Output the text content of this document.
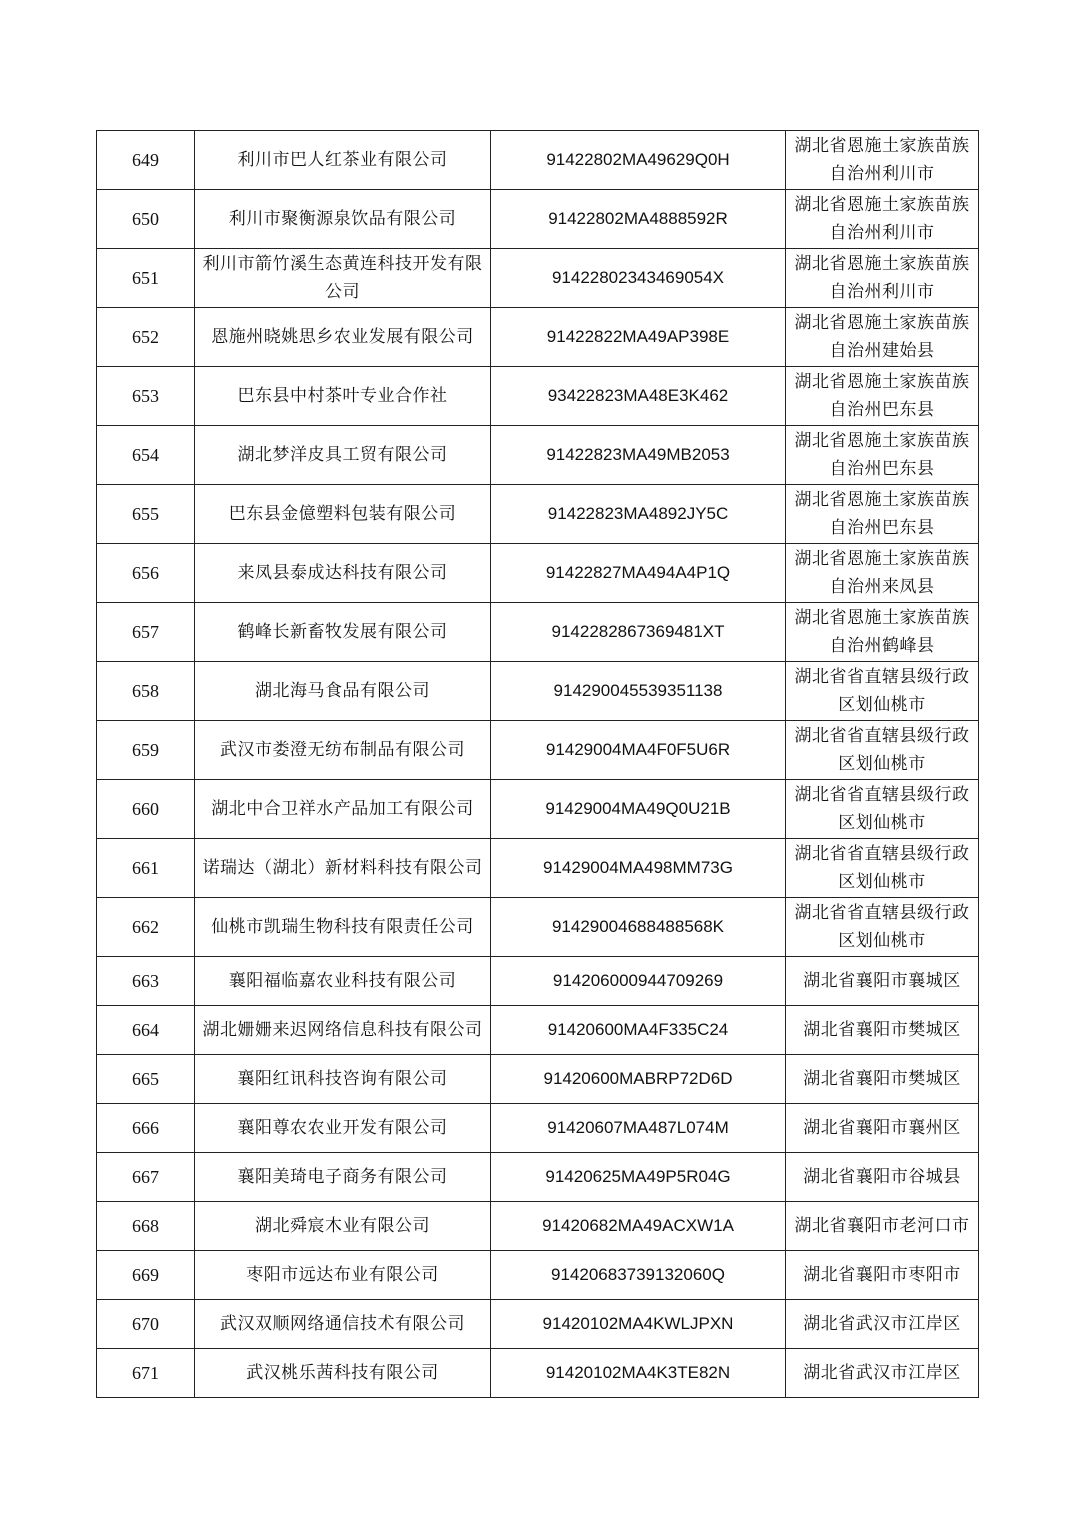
649	利川市巴人红茶业有限公司	91422802MA49629Q0H	湖北省恩施土家族苗族自治州利川市
650	利川市聚衡源泉饮品有限公司	91422802MA4888592R	湖北省恩施土家族苗族自治州利川市
651	利川市箭竹溪生态黄连科技开发有限公司	91422802343469054X	湖北省恩施土家族苗族自治州利川市
652	恩施州晓姚思乡农业发展有限公司	91422822MA49AP398E	湖北省恩施土家族苗族自治州建始县
653	巴东县中村茶叶专业合作社	93422823MA48E3K462	湖北省恩施土家族苗族自治州巴东县
654	湖北梦洋皮具工贸有限公司	91422823MA49MB2053	湖北省恩施土家族苗族自治州巴东县
655	巴东县金億塑料包装有限公司	91422823MA4892JY5C	湖北省恩施土家族苗族自治州巴东县
656	来凤县泰成达科技有限公司	91422827MA494A4P1Q	湖北省恩施土家族苗族自治州来凤县
657	鹤峰长新畜牧发展有限公司	9142282867369481XT	湖北省恩施土家族苗族自治州鹤峰县
658	湖北海马食品有限公司	914290045539351138	湖北省省直辖县级行政区划仙桃市
659	武汉市娄澄无纺布制品有限公司	91429004MA4F0F5U6R	湖北省省直辖县级行政区划仙桃市
660	湖北中合卫祥水产品加工有限公司	91429004MA49Q0U21B	湖北省省直辖县级行政区划仙桃市
661	诺瑞达（湖北）新材料科技有限公司	91429004MA498MM73G	湖北省省直辖县级行政区划仙桃市
662	仙桃市凯瑞生物科技有限责任公司	91429004688488568K	湖北省省直辖县级行政区划仙桃市
663	襄阳福临嘉农业科技有限公司	914206000944709269	湖北省襄阳市襄城区
664	湖北姗姗来迟网络信息科技有限公司	91420600MA4F335C24	湖北省襄阳市樊城区
665	襄阳红讯科技咨询有限公司	91420600MABRP72D6D	湖北省襄阳市樊城区
666	襄阳尊农农业开发有限公司	91420607MA487L074M	湖北省襄阳市襄州区
667	襄阳美琦电子商务有限公司	91420625MA49P5R04G	湖北省襄阳市谷城县
668	湖北舜宸木业有限公司	91420682MA49ACXW1A	湖北省襄阳市老河口市
669	枣阳市远达布业有限公司	91420683739132060Q	湖北省襄阳市枣阳市
670	武汉双顺网络通信技术有限公司	91420102MA4KWLJPXN	湖北省武汉市江岸区
671	武汉桃乐茜科技有限公司	91420102MA4K3TE82N	湖北省武汉市江岸区
